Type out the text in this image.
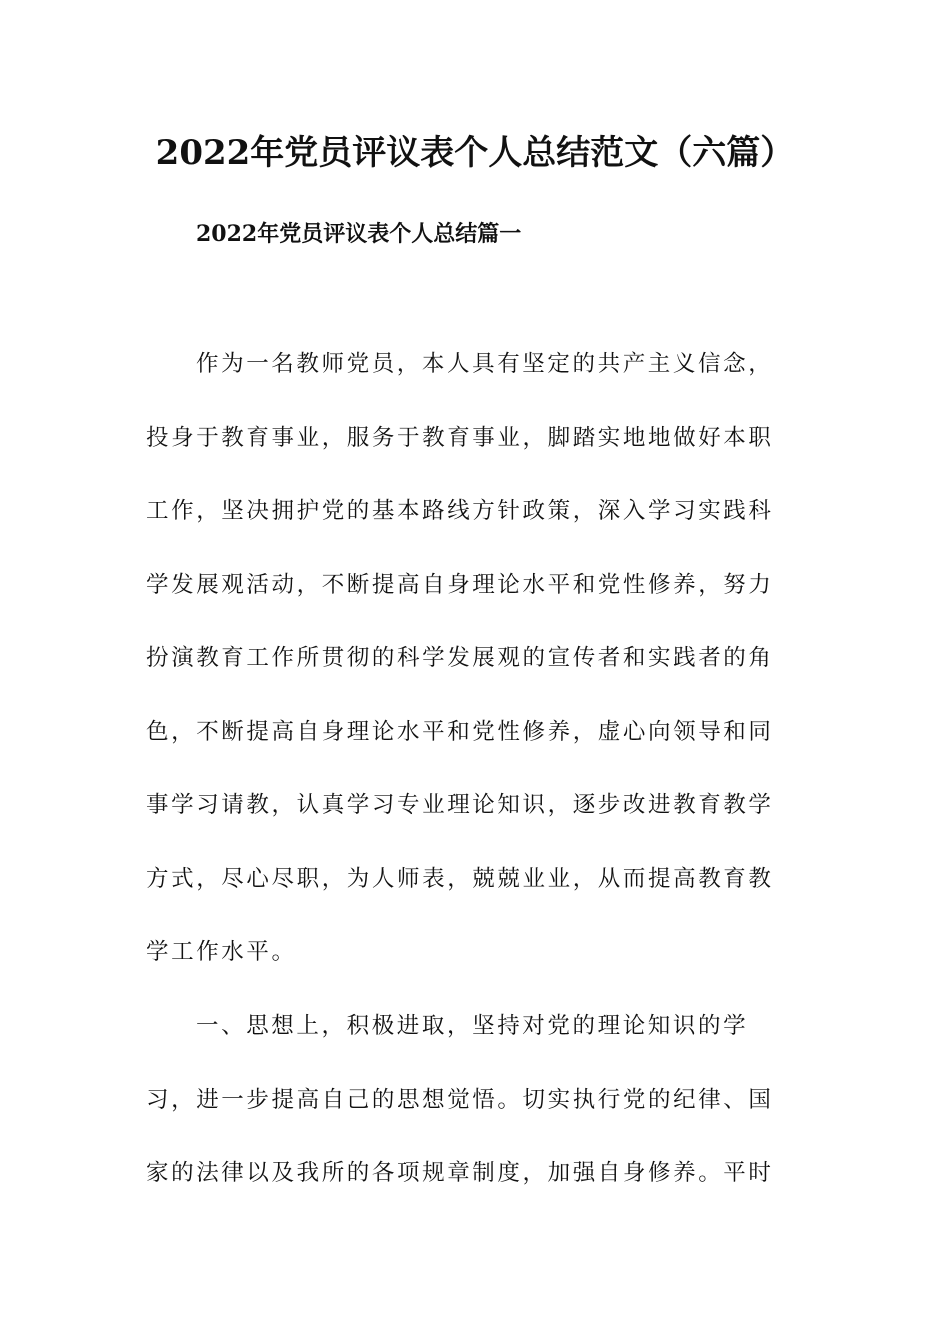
2022年党员评议表个人总结范文（六篇）
2022年党员评议表个人总结篇一
作为一名教师党员，本人具有坚定的共产主义信念，
投身于教育事业，服务于教育事业，脚踏实地地做好本职
工作，坚决拥护党的基本路线方针政策，深入学习实践科
学发展观活动，不断提高自身理论水平和党性修养，努力
扮演教育工作所贯彻的科学发展观的宣传者和实践者的角
色，不断提高自身理论水平和党性修养，虚心向领导和同
事学习请教，认真学习专业理论知识，逐步改进教育教学
方式，尽心尽职，为人师表，兢兢业业，从而提高教育教
学工作水平。
一、思想上，积极进取，坚持对党的理论知识的学
习，进一步提高自己的思想觉悟。切实执行党的纪律、国
家的法律以及我所的各项规章制度，加强自身修养。平时
